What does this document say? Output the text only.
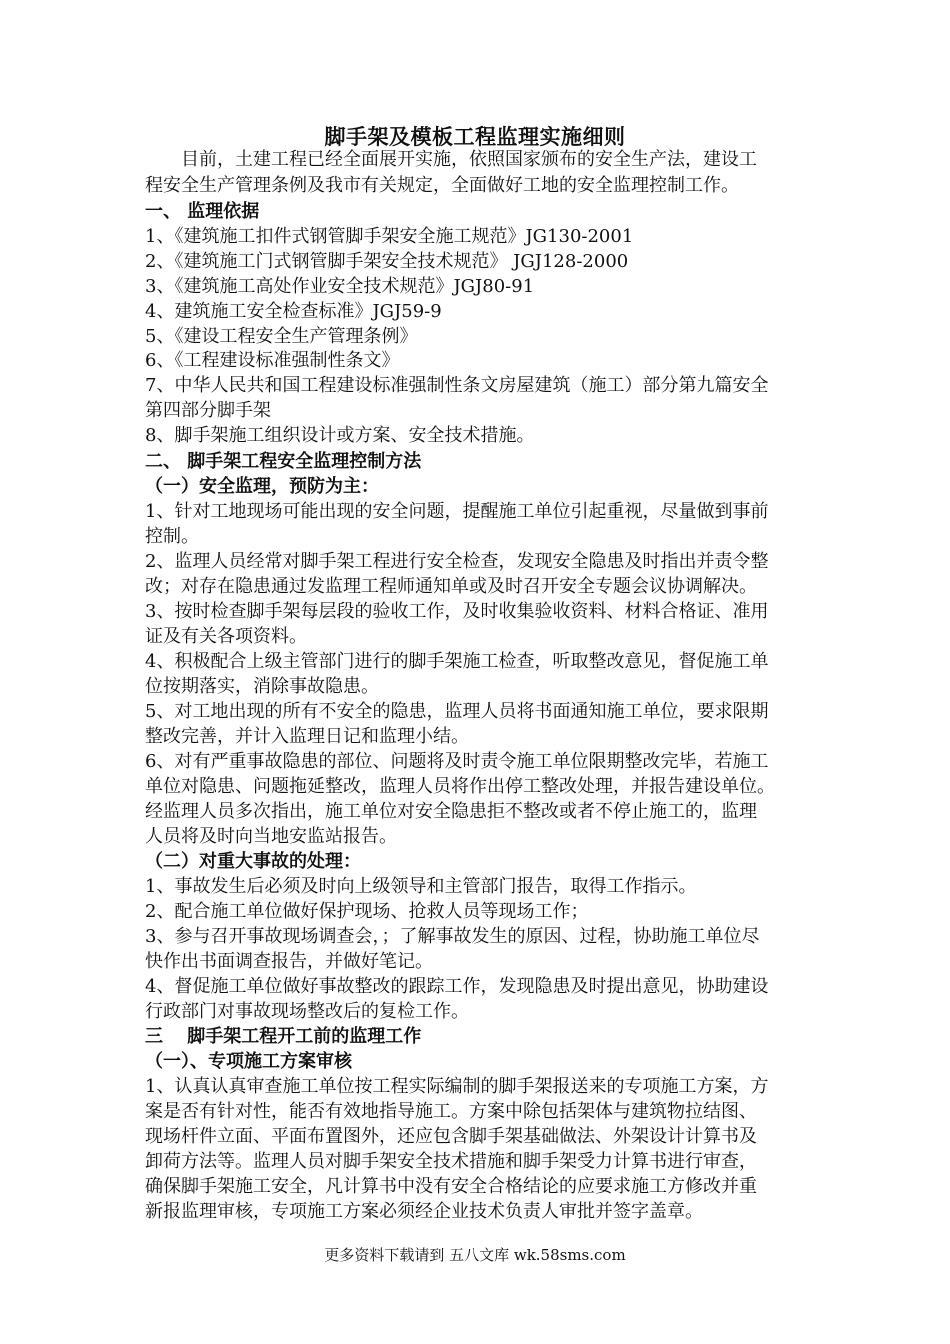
脚手架及模板工程监理实施细则
目前，土建工程已经全面展开实施，依照国家颁布的安全生产法，建设工
程安全生产管理条例及我市有关规定，全面做好工地的安全监理控制工作。
一、 监理依据
1、《建筑施工扣件式钢管脚手架安全施工规范》JG130-2001
2、《建筑施工门式钢管脚手架安全技术规范》 JGJ128-2000
3、《建筑施工高处作业安全技术规范》JGJ80-91
4、建筑施工安全检查标准》JGJ59-9
5、《建设工程安全生产管理条例》
6、《工程建设标准强制性条文》
7、中华人民共和国工程建设标准强制性条文房屋建筑（施工）部分第九篇安全
第四部分脚手架
8、脚手架施工组织设计或方案、安全技术措施。
二、 脚手架工程安全监理控制方法
（一）安全监理，预防为主：
1、针对工地现场可能出现的安全问题，提醒施工单位引起重视，尽量做到事前
控制。
2、监理人员经常对脚手架工程进行安全检查，发现安全隐患及时指出并责令整
改；对存在隐患通过发监理工程师通知单或及时召开安全专题会议协调解决。
3、按时检查脚手架每层段的验收工作，及时收集验收资料、材料合格证、准用
证及有关各项资料。
4、积极配合上级主管部门进行的脚手架施工检查，听取整改意见，督促施工单
位按期落实，消除事故隐患。
5、对工地出现的所有不安全的隐患，监理人员将书面通知施工单位，要求限期
整改完善，并计入监理日记和监理小结。
6、对有严重事故隐患的部位、问题将及时责令施工单位限期整改完毕，若施工
单位对隐患、问题拖延整改，监理人员将作出停工整改处理，并报告建设单位。
经监理人员多次指出，施工单位对安全隐患拒不整改或者不停止施工的，监理
人员将及时向当地安监站报告。
（二）对重大事故的处理：
1、事故发生后必须及时向上级领导和主管部门报告，取得工作指示。
2、配合施工单位做好保护现场、抢救人员等现场工作；
3、参与召开事故现场调查会，；了解事故发生的原因、过程，协助施工单位尽
快作出书面调查报告，并做好笔记。
4、督促施工单位做好事故整改的跟踪工作，发现隐患及时提出意见，协助建设
行政部门对事故现场整改后的复检工作。
三　 脚手架工程开工前的监理工作
（一）、专项施工方案审核
1、认真认真审查施工单位按工程实际编制的脚手架报送来的专项施工方案，方
案是否有针对性，能否有效地指导施工。方案中除包括架体与建筑物拉结图、
现场杆件立面、平面布置图外，还应包含脚手架基础做法、外架设计计算书及
卸荷方法等。监理人员对脚手架安全技术措施和脚手架受力计算书进行审查，
确保脚手架施工安全，凡计算书中没有安全合格结论的应要求施工方修改并重
新报监理审核，专项施工方案必须经企业技术负责人审批并签字盖章。
更多资料下载请到 五八文库 wk.58sms.com
